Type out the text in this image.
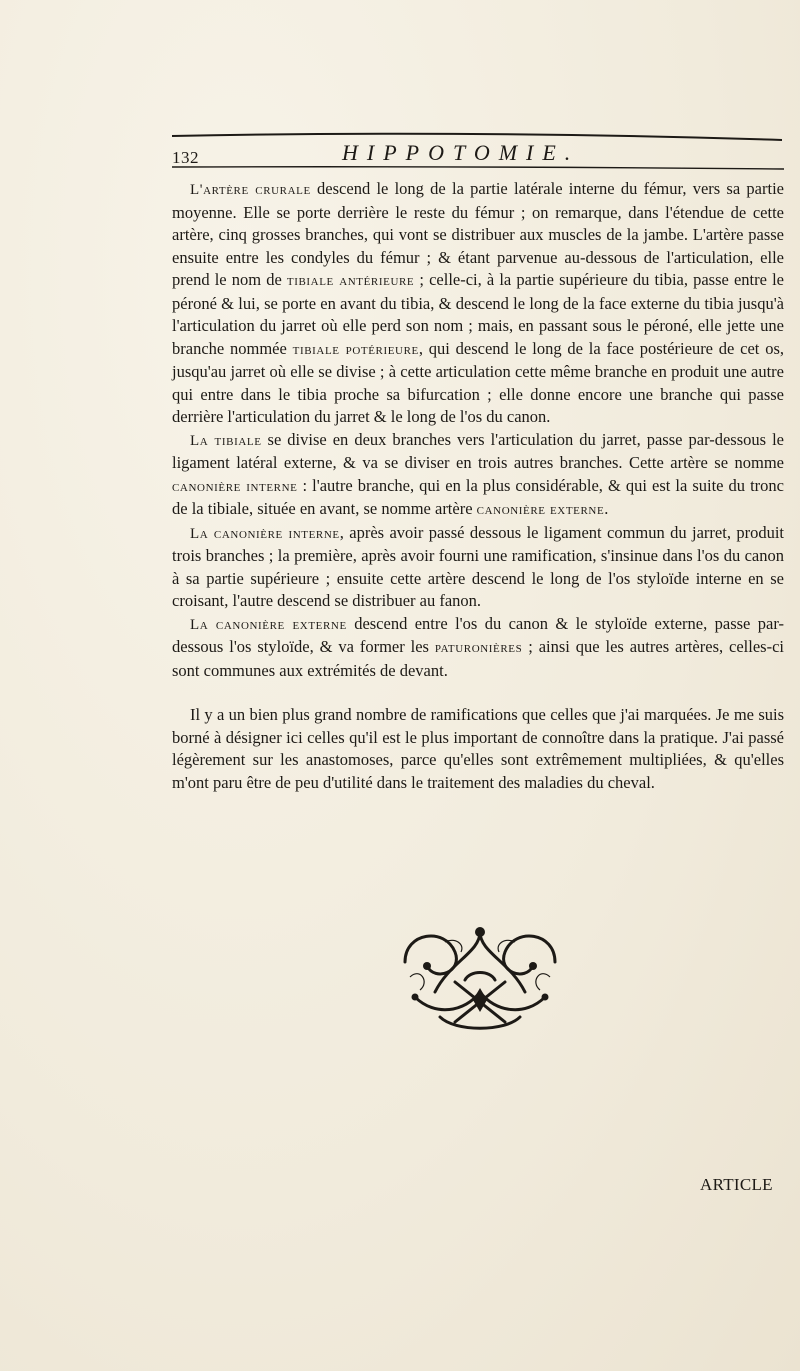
132	HIPPOTOMIE.

L'artère crurale descend le long de la partie latérale interne du fémur, vers sa partie moyenne. Elle se porte derrière le reste du fémur ; on remarque, dans l'étendue de cette artère, cinq grosses branches, qui vont se distribuer aux muscles de la jambe. L'artère passe ensuite entre les condyles du fémur ; & étant parvenue au-dessous de l'articulation, elle prend le nom de tibiale antérieure ; celle-ci, à la partie supérieure du tibia, passe entre le péroné & lui, se porte en avant du tibia, & descend le long de la face externe du tibia jusqu'à l'articulation du jarret où elle perd son nom ; mais, en passant sous le péroné, elle jette une branche nommée tibiale potérieure, qui descend le long de la face postérieure de cet os, jusqu'au jarret où elle se divise ; à cette articulation cette même branche en produit une autre qui entre dans le tibia proche sa bifurcation ; elle donne encore une branche qui passe derrière l'articulation du jarret & le long de l'os du canon.

La tibiale se divise en deux branches vers l'articulation du jarret, passe par-dessous le ligament latéral externe, & va se diviser en trois autres branches. Cette artère se nomme canonière interne : l'autre branche, qui en la plus considérable, & qui est la suite du tronc de la tibiale, située en avant, se nomme artère canonière externe.

La canonière interne, après avoir passé dessous le ligament commun du jarret, produit trois branches ; la première, après avoir fourni une ramification, s'insinue dans l'os du canon à sa partie supérieure ; ensuite cette artère descend le long de l'os styloïde interne en se croisant, l'autre descend se distribuer au fanon.

La canonière externe descend entre l'os du canon & le styloïde externe, passe par-dessous l'os styloïde, & va former les paturonières ; ainsi que les autres artères, celles-ci sont communes aux extrémités de devant.

Il y a un bien plus grand nombre de ramifications que celles que j'ai marquées. Je me suis borné à désigner ici celles qu'il est le plus important de connoître dans la pratique. J'ai passé légèrement sur les anastomoses, parce qu'elles sont extrêmement multipliées, & qu'elles m'ont paru être de peu d'utilité dans le traitement des maladies du cheval.

ARTICLE
